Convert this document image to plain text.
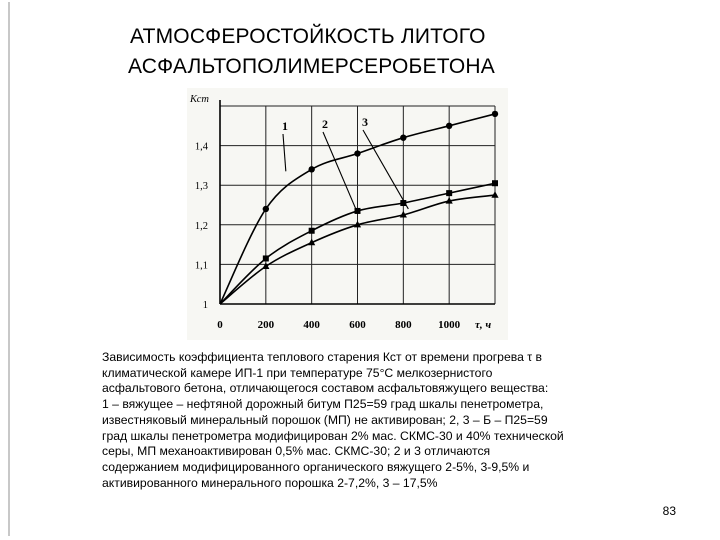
АТМОСФЕРОСТОЙКОСТЬ ЛИТОГО
АСФАЛЬТОПОЛИМЕРСЕРОБЕТОНА
0	200	400	600	800 1000
1
1,1
1,2
1,3
1,4
Кст
τ, ч
1	2	3
Зависимость коэффициента теплового старения Кст от времени прогрева τ в
климатической камере ИП-1 при температуре 75°С мелкозернистого
асфальтового бетона, отличающегося составом асфальтовяжущего вещества:
1 – вяжущее – нефтяной дорожный битум П25=59 град шкалы пенетрометра,
известняковый минеральный порошок (МП) не активирован; 2, 3 – Б – П25=59
град шкалы пенетрометра модифицирован 2% мас. СКМС-30 и 40% технической
серы, МП механоактивирован 0,5% мас. СКМС-30; 2 и 3 отличаются
содержанием модифицированного органического вяжущего 2-5%, 3-9,5% и
активированного минерального порошка 2-7,2%, 3 – 17,5%
83
